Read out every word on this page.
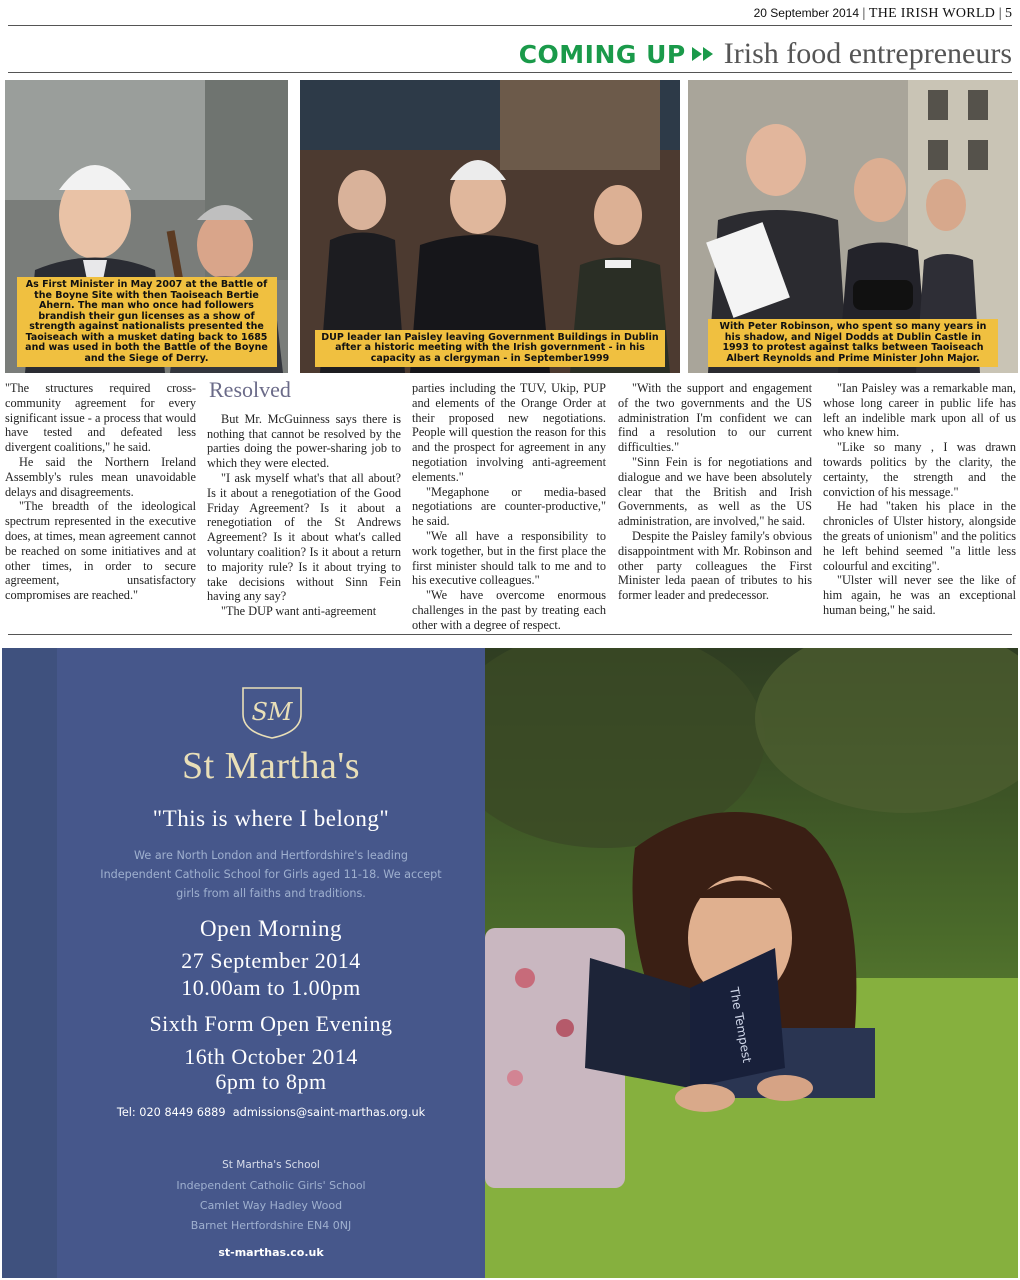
20 September 2014 | THE IRISH WORLD | 5
COMING UP Irish food entrepreneurs
As First Minister in May 2007 at the Battle of the Boyne Site with then Taoiseach Bertie Ahern. The man who once had followers brandish their gun licenses as a show of strength against nationalists presented the Taoiseach with a musket dating back to 1685 and was used in both the Battle of the Boyne and the Siege of Derry.
DUP leader Ian Paisley leaving Government Buildings in Dublin after a historic meeting with the Irish government - in his capacity as a clergyman - in September1999
With Peter Robinson, who spent so many years in his shadow, and Nigel Dodds at Dublin Castle in 1993 to protest against talks between Taoiseach Albert Reynolds and Prime Minister John Major.

"The structures required cross-community agreement for every significant issue - a process that would have tested and defeated less divergent coalitions," he said.

He said the Northern Ireland Assembly's rules mean unavoidable delays and disagreements.

"The breadth of the ideological spectrum represented in the executive does, at times, mean agreement cannot be reached on some initiatives and at other times, in order to secure agreement, unsatisfactory compromises are reached."

Resolved

But Mr. McGuinness says there is nothing that cannot be resolved by the parties doing the power-sharing job to which they were elected.

"I ask myself what's that all about? Is it about a renegotiation of the Good Friday Agreement? Is it about a renegotiation of the St Andrews Agreement? Is it about what's called voluntary coalition? Is it about a return to majority rule? Is it about trying to take decisions without Sinn Fein having any say?

"The DUP want anti-agreement

parties including the TUV, Ukip, PUP and elements of the Orange Order at their proposed new negotiations. People will question the reason for this and the prospect for agreement in any negotiation involving anti-agreement elements."

"Megaphone or media-based negotiations are counter-productive," he said.

"We all have a responsibility to work together, but in the first place the first minister should talk to me and to his executive colleagues."

"We have overcome enormous challenges in the past by treating each other with a degree of respect.

"With the support and engagement of the two governments and the US administration I'm confident we can find a resolution to our current difficulties."

"Sinn Fein is for negotiations and dialogue and we have been absolutely clear that the British and Irish Governments, as well as the US administration, are involved," he said.

Despite the Paisley family's obvious disappointment with Mr. Robinson and other party colleagues the First Minister leda paean of tributes to his former leader and predecessor.

"Ian Paisley was a remarkable man, whose long career in public life has left an indelible mark upon all of us who knew him.

"Like so many , I was drawn towards politics by the clarity, the certainty, the strength and the conviction of his message."

He had "taken his place in the chronicles of Ulster history, alongside the greats of unionism" and the politics he left behind seemed "a little less colourful and exciting".

"Ulster will never see the like of him again, he was an exceptional human being," he said.

SM
St Martha's
"This is where I belong"
We are North London and Hertfordshire's leading Independent Catholic School for Girls aged 11-18. We accept girls from all faiths and traditions.
Open Morning
27 September 2014
10.00am to 1.00pm
Sixth Form Open Evening
16th October 2014
6pm to 8pm
Tel: 020 8449 6889 admissions@saint-marthas.org.uk
St Martha's School
Independent Catholic Girls' School
Camlet Way Hadley Wood
Barnet Hertfordshire EN4 0NJ
st-marthas.co.uk
The Tempest
